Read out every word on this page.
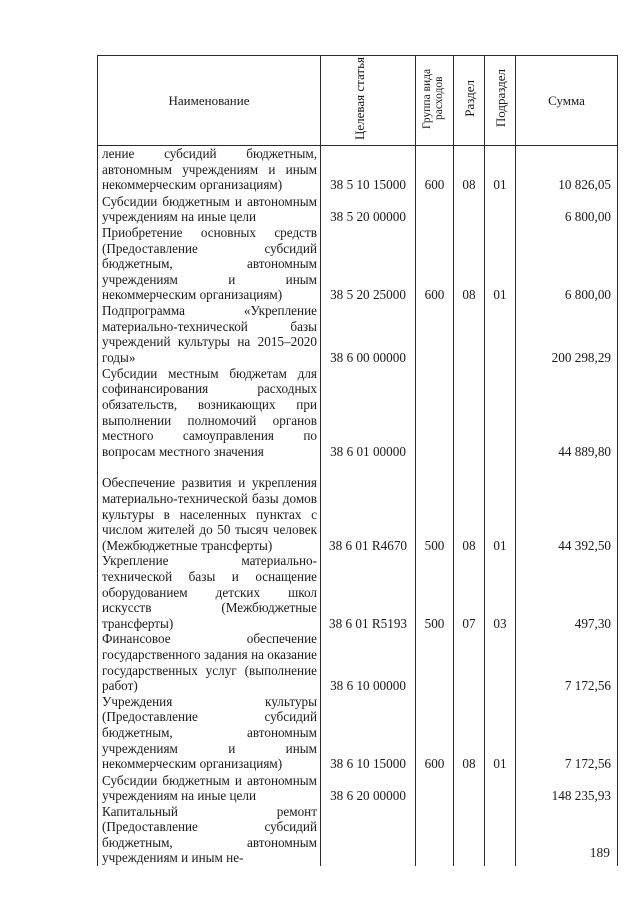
Наименование	Целевая статья	Группа вида расходов	Раздел	Подраздел	Сумма
ление субсидий бюджетным, автономным учреждениям и иным некоммерческим организациям)	38 5 10 15000	600	08	01	10 826,05
Субсидии бюджетным и автономным учреждениям на иные цели	38 5 20 00000				6 800,00
Приобретение основных средств (Предоставление субсидий бюджетным, автономным учреждениям и иным некоммерческим организациям)	38 5 20 25000	600	08	01	6 800,00
Подпрограмма «Укрепление материально-технической базы учреждений культуры на 2015–2020 годы»	38 6 00 00000				200 298,29
Субсидии местным бюджетам для софинансирования расходных обязательств, возникающих при выполнении полномочий органов местного самоуправления по вопросам местного значения	38 6 01 00000				44 889,80
Обеспечение развития и укрепления материально-технической базы домов культуры в населенных пунктах с числом жителей до 50 тысяч человек (Межбюджетные трансферты)	38 6 01 R4670	500	08	01	44 392,50
Укрепление материально-технической базы и оснащение оборудованием детских школ искусств (Межбюджетные трансферты)	38 6 01 R5193	500	07	03	497,30
Финансовое обеспечение государственного задания на оказание государственных услуг (выполнение работ)	38 6 10 00000				7 172,56
Учреждения культуры (Предоставление субсидий бюджетным, автономным учреждениям и иным некоммерческим организациям)	38 6 10 15000	600	08	01	7 172,56
Субсидии бюджетным и автономным учреждениям на иные цели	38 6 20 00000				148 235,93
Капитальный ремонт (Предоставление субсидий бюджетным, автономным учреждениям и иным не-						189
